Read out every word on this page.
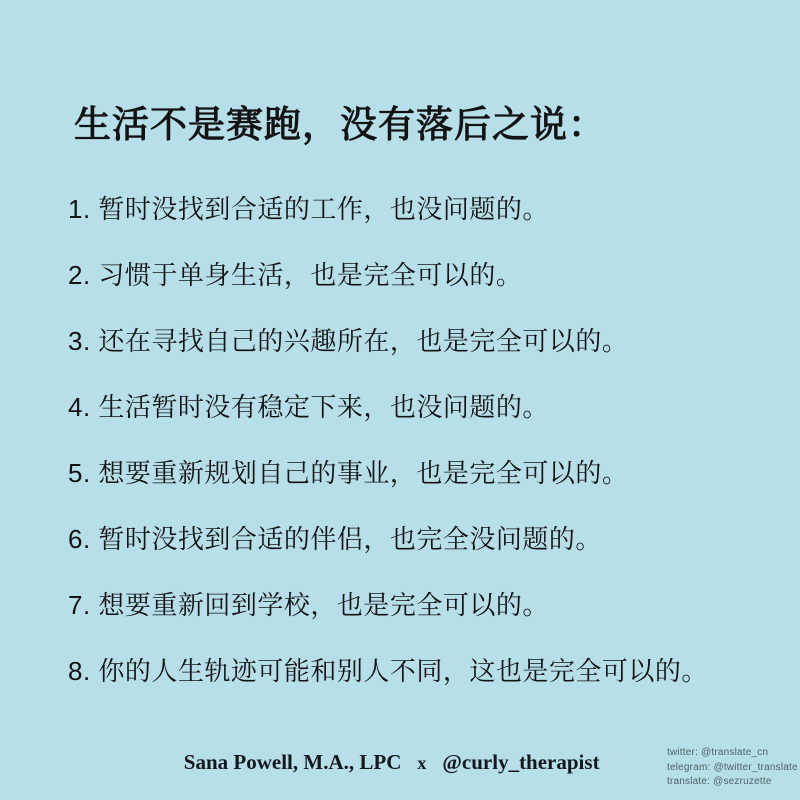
生活不是赛跑，没有落后之说：
1. 暂时没找到合适的工作，也没问题的。
2. 习惯于单身生活，也是完全可以的。
3. 还在寻找自己的兴趣所在，也是完全可以的。
4. 生活暂时没有稳定下来，也没问题的。
5. 想要重新规划自己的事业，也是完全可以的。
6. 暂时没找到合适的伴侣，也完全没问题的。
7. 想要重新回到学校，也是完全可以的。
8. 你的人生轨迹可能和别人不同，这也是完全可以的。
Sana Powell, M.A., LPC x @curly_therapist	twitter: @translate_cn
telegram: @twitter_translate
translate: @sezruzette
